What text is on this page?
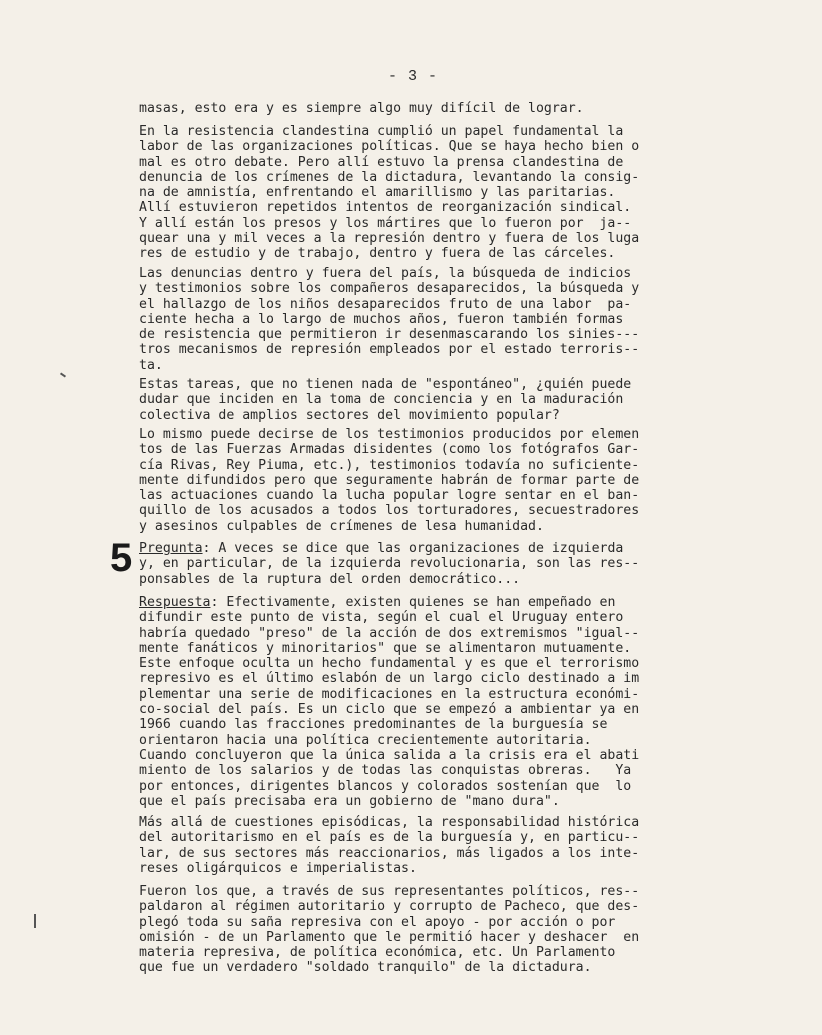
- 3 -
5
masas, esto era y es siempre algo muy difícil de lograr.
En la resistencia clandestina cumplió un papel fundamental la
labor de las organizaciones políticas. Que se haya hecho bien o
mal es otro debate. Pero allí estuvo la prensa clandestina de
denuncia de los crímenes de la dictadura, levantando la consig-
na de amnistía, enfrentando el amarillismo y las paritarias.
Allí estuvieron repetidos intentos de reorganización sindical.
Y allí están los presos y los mártires que lo fueron por  ja--
quear una y mil veces a la represión dentro y fuera de los luga
res de estudio y de trabajo, dentro y fuera de las cárceles.
Las denuncias dentro y fuera del país, la búsqueda de indicios
y testimonios sobre los compañeros desaparecidos, la búsqueda y
el hallazgo de los niños desaparecidos fruto de una labor  pa-
ciente hecha a lo largo de muchos años, fueron también formas
de resistencia que permitieron ir desenmascarando los sinies---
tros mecanismos de represión empleados por el estado terroris--
ta.
Estas tareas, que no tienen nada de "espontáneo", ¿quién puede
dudar que inciden en la toma de conciencia y en la maduración
colectiva de amplios sectores del movimiento popular?
Lo mismo puede decirse de los testimonios producidos por elemen
tos de las Fuerzas Armadas disidentes (como los fotógrafos Gar-
cía Rivas, Rey Piuma, etc.), testimonios todavía no suficiente-
mente difundidos pero que seguramente habrán de formar parte de
las actuaciones cuando la lucha popular logre sentar en el ban-
quillo de los acusados a todos los torturadores, secuestradores
y asesinos culpables de crímenes de lesa humanidad.
Pregunta: A veces se dice que las organizaciones de izquierda
y, en particular, de la izquierda revolucionaria, son las res--
ponsables de la ruptura del orden democrático...
Respuesta: Efectivamente, existen quienes se han empeñado en
difundir este punto de vista, según el cual el Uruguay entero
habría quedado "preso" de la acción de dos extremismos "igual--
mente fanáticos y minoritarios" que se alimentaron mutuamente.
Este enfoque oculta un hecho fundamental y es que el terrorismo
represivo es el último eslabón de un largo ciclo destinado a im
plementar una serie de modificaciones en la estructura económi-
co-social del país. Es un ciclo que se empezó a ambientar ya en
1966 cuando las fracciones predominantes de la burguesía se
orientaron hacia una política crecientemente autoritaria.
Cuando concluyeron que la única salida a la crisis era el abati
miento de los salarios y de todas las conquistas obreras.   Ya
por entonces, dirigentes blancos y colorados sostenían que  lo
que el país precisaba era un gobierno de "mano dura".
Más allá de cuestiones episódicas, la responsabilidad histórica
del autoritarismo en el país es de la burguesía y, en particu--
lar, de sus sectores más reaccionarios, más ligados a los inte-
reses oligárquicos e imperialistas.
Fueron los que, a través de sus representantes políticos, res--
paldaron al régimen autoritario y corrupto de Pacheco, que des-
plegó toda su saña represiva con el apoyo - por acción o por
omisión - de un Parlamento que le permitió hacer y deshacer  en
materia represiva, de política económica, etc. Un Parlamento
que fue un verdadero "soldado tranquilo" de la dictadura.
